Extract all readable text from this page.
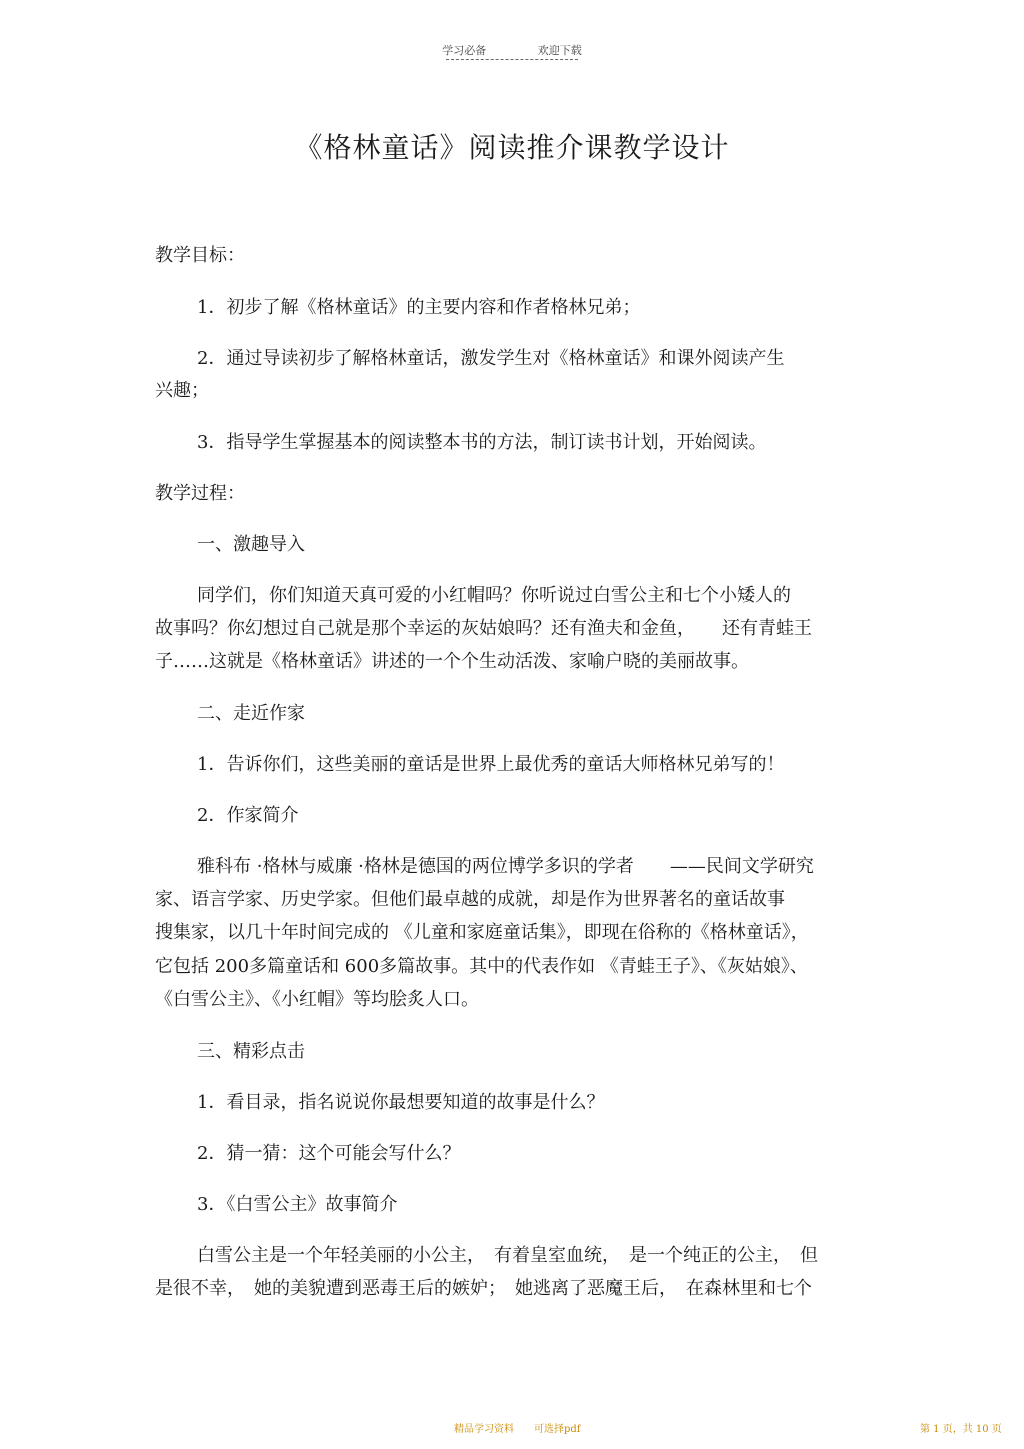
学习必备	欢迎下载
《格林童话》阅读推介课教学设计
教学目标：
1．初步了解《格林童话》的主要内容和作者格林兄弟；
2．通过导读初步了解格林童话，激发学生对《格林童话》和课外阅读产生
兴趣；
3．指导学生掌握基本的阅读整本书的方法，制订读书计划，开始阅读。
教学过程：
一、激趣导入
同学们，你们知道天真可爱的小红帽吗？你听说过白雪公主和七个小矮人的
故事吗？你幻想过自己就是那个幸运的灰姑娘吗？还有渔夫和金鱼，　　还有青蛙王
子……这就是《格林童话》讲述的一个个生动活泼、家喻户晓的美丽故事。
二、走近作家
1．告诉你们，这些美丽的童话是世界上最优秀的童话大师格林兄弟写的！
2．作家简介
雅科布 ·格林与威廉 ·格林是德国的两位博学多识的学者　　——民间文学研究
家、语言学家、历史学家。但他们最卓越的成就，却是作为世界著名的童话故事
搜集家，以几十年时间完成的 《儿童和家庭童话集》，即现在俗称的《格林童话》，
它包括 200多篇童话和 600多篇故事。其中的代表作如 《青蛙王子》、《灰姑娘》、
《白雪公主》、《小红帽》等均脍炙人口。
三、精彩点击
1．看目录，指名说说你最想要知道的故事是什么？
2．猜一猜：这个可能会写什么？
3．《白雪公主》故事简介
白雪公主是一个年轻美丽的小公主，　有着皇室血统，　是一个纯正的公主，　但
是很不幸，　她的美貌遭到恶毒王后的嫉妒；　她逃离了恶魔王后，　在森林里和七个
精品学习资料　　可选择pdf	第 1 页，共 10 页
